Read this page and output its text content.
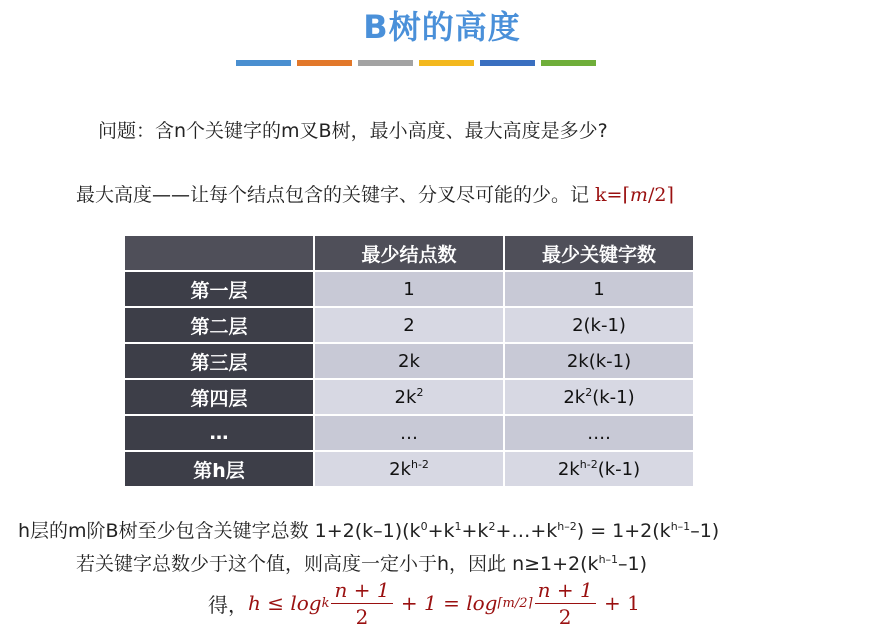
B树的高度
问题：含n个关键字的m叉B树，最小高度、最大高度是多少?
最大高度——让每个结点包含的关键字、分叉尽可能的少。记 k=⌈m/2⌉
	最少结点数	最少关键字数
第一层	1	1
第二层	2	2(k-1)
第三层	2k	2k(k-1)
第四层	$2k^2$	$2k^2(k-1)$
…	…	….
第h层	$2k^{h-2}$	$2k^{h-2}(k-1)$
h层的m阶B树至少包含关键字总数 $1+2(k-1)(k^0+k^1+k^2+\dots+k^{h-2}) = 1+2(k^{h-1}-1)$
若关键字总数少于这个值，则高度一定小于h，因此 $n\ge 1+2(k^{h-1}-1)$
得， h ≤ log k $\frac{n + 1}{2} + 1 = \log$ ⌈m/2⌉ $\frac{n + 1}{2} + 1$
